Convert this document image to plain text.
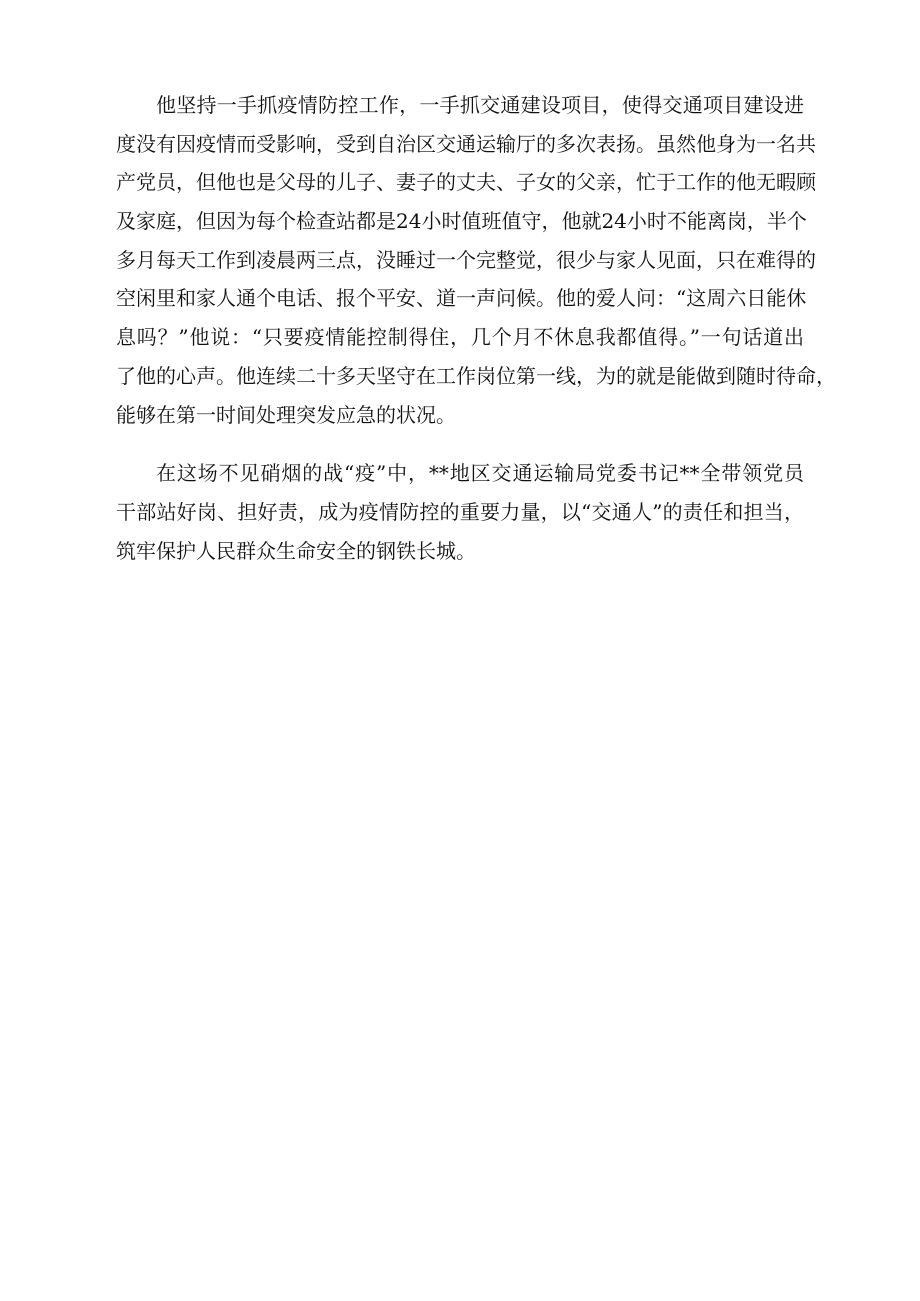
他坚持一手抓疫情防控工作，一手抓交通建设项目，使得交通项目建设进
度没有因疫情而受影响，受到自治区交通运输厅的多次表扬。虽然他身为一名共
产党员，但他也是父母的儿子、妻子的丈夫、子女的父亲，忙于工作的他无暇顾
及家庭，但因为每个检查站都是24小时值班值守，他就24小时不能离岗，半个
多月每天工作到凌晨两三点，没睡过一个完整觉，很少与家人见面，只在难得的
空闲里和家人通个电话、报个平安、道一声问候。他的爱人问：“这周六日能休
息吗？”他说：“只要疫情能控制得住，几个月不休息我都值得。”一句话道出
了他的心声。他连续二十多天坚守在工作岗位第一线，为的就是能做到随时待命，
能够在第一时间处理突发应急的状况。
在这场不见硝烟的战“疫”中，**地区交通运输局党委书记**全带领党员
干部站好岗、担好责，成为疫情防控的重要力量，以“交通人”的责任和担当，
筑牢保护人民群众生命安全的钢铁长城。
